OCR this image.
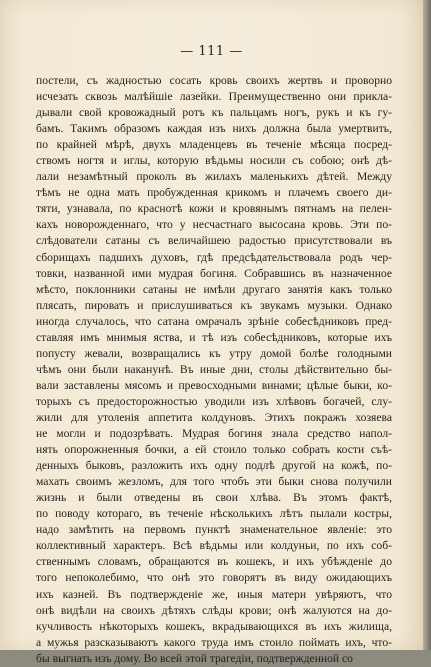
— 111 —
постели, съ жадностью сосать кровь своихъ жертвъ и проворно
исчезать сквозь малѣйшіе лазейки. Преимущественно они прикла-
дывали свой кровожадный ротъ къ пальцамъ ногъ, рукъ и къ гу-
бамъ. Такимъ образомъ каждая изъ нихъ должна была умертвить,
по крайней мѣрѣ, двухъ младенцевъ въ теченіе мѣсяца посред-
ствомъ ногтя и иглы, которую вѣдьмы носили съ собою; онѣ дѣ-
лали незамѣтный проколъ въ жилахъ маленькихъ дѣтей. Между
тѣмъ не одна мать пробужденная крикомъ и плачемъ своего ди-
тяти, узнавала, по краснотѣ кожи и кровянымъ пятнамъ на пелен-
кахъ новорожденнаго, что у несчастнаго высосана кровь. Эти по-
слѣдователи сатаны съ величайшею радостью присутствовали въ
сборищахъ падшихъ духовъ, гдѣ предсѣдательствовала родъ чер-
товки, названной ими мудрая богиня. Собравшись въ назначенное
мѣсто, поклонники сатаны не имѣли другаго занятія какъ только
плясать, пировать и прислушиваться къ звукамъ музыки. Однако
иногда случалось, что сатана омрачалъ зрѣніе собесѣдниковъ пред-
ставляя имъ мнимыя яства, и тѣ изъ собесѣдниковъ, которые ихъ
попусту жевали, возвращались къ утру домой болѣе голодными
чѣмъ они были наканунѣ. Въ иные дни, столы дѣйствительно бы-
вали заставлены мясомъ и превосходными винами; цѣлые быки, ко-
торыхъ съ предосторожностью уводили изъ хлѣвовъ богачей, слу-
жили для утоленія аппетита колдуновъ. Этихъ покражъ хозяева
не могли и подозрѣвать. Мудрая богиня знала средство напол-
нять опорожненныя бочки, а ей стоило только собрать кости съѣ-
денныхъ быковъ, разложить ихъ одну подлѣ другой на кожѣ, по-
махать своимъ жезломъ, для того чтобъ эти быки снова получили
жизнь и были отведены въ свои хлѣва. Въ этомъ фактѣ,
по поводу котораго, въ теченіе нѣсколькихъ лѣтъ пылали костры,
надо замѣтить на первомъ пунктѣ знаменательное явленіе: это
коллективный характеръ. Всѣ вѣдьмы или колдуньи, по ихъ соб-
ственнымъ словамъ, обращаются въ кошекъ, и ихъ убѣжденіе до
того непоколебимо, что онѣ это говорятъ въ виду ожидающихъ
ихъ казней. Въ подтвержденіе же, иныя матери увѣряютъ, что
онѣ видѣли на своихъ дѣтяхъ слѣды крови; онѣ жалуются на до-
кучливость нѣкоторыхъ кошекъ, вкрадывающихся въ ихъ жилища,
а мужья разсказываютъ какого труда имъ стоило поймать ихъ, что-
бы выгнать изъ дому. Во всей этой трагедіи, подтвержденной со
